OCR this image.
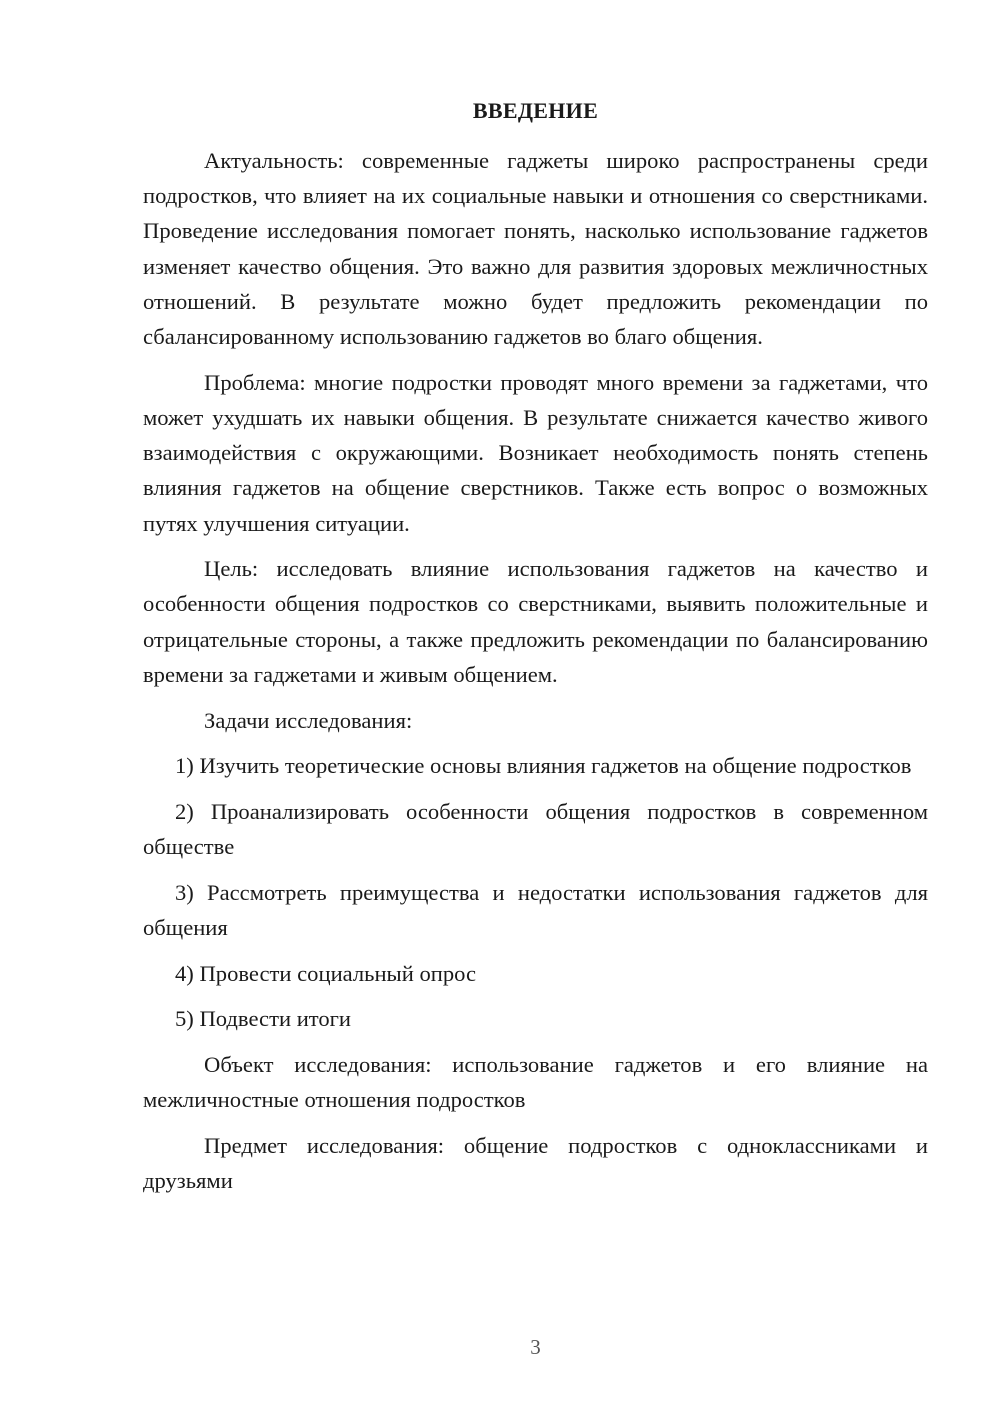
ВВЕДЕНИЕ

Актуальность: современные гаджеты широко распространены среди подростков, что влияет на их социальные навыки и отношения со сверстниками. Проведение исследования помогает понять, насколько использование гаджетов изменяет качество общения. Это важно для развития здоровых межличностных отношений. В результате можно будет предложить рекомендации по сбалансированному использованию гаджетов во благо общения.

Проблема: многие подростки проводят много времени за гаджетами, что может ухудшать их навыки общения. В результате снижается качество живого взаимодействия с окружающими. Возникает необходимость понять степень влияния гаджетов на общение сверстников. Также есть вопрос о возможных путях улучшения ситуации.

Цель: исследовать влияние использования гаджетов на качество и особенности общения подростков со сверстниками, выявить положительные и отрицательные стороны, а также предложить рекомендации по балансированию времени за гаджетами и живым общением.

Задачи исследования:

1) Изучить теоретические основы влияния гаджетов на общение подростков

2) Проанализировать особенности общения подростков в современном обществе

3) Рассмотреть преимущества и недостатки использования гаджетов для общения

4) Провести социальный опрос

5) Подвести итоги

Объект исследования: использование гаджетов и его влияние на межличностные отношения подростков

Предмет исследования: общение подростков с одноклассниками и друзьями

3
